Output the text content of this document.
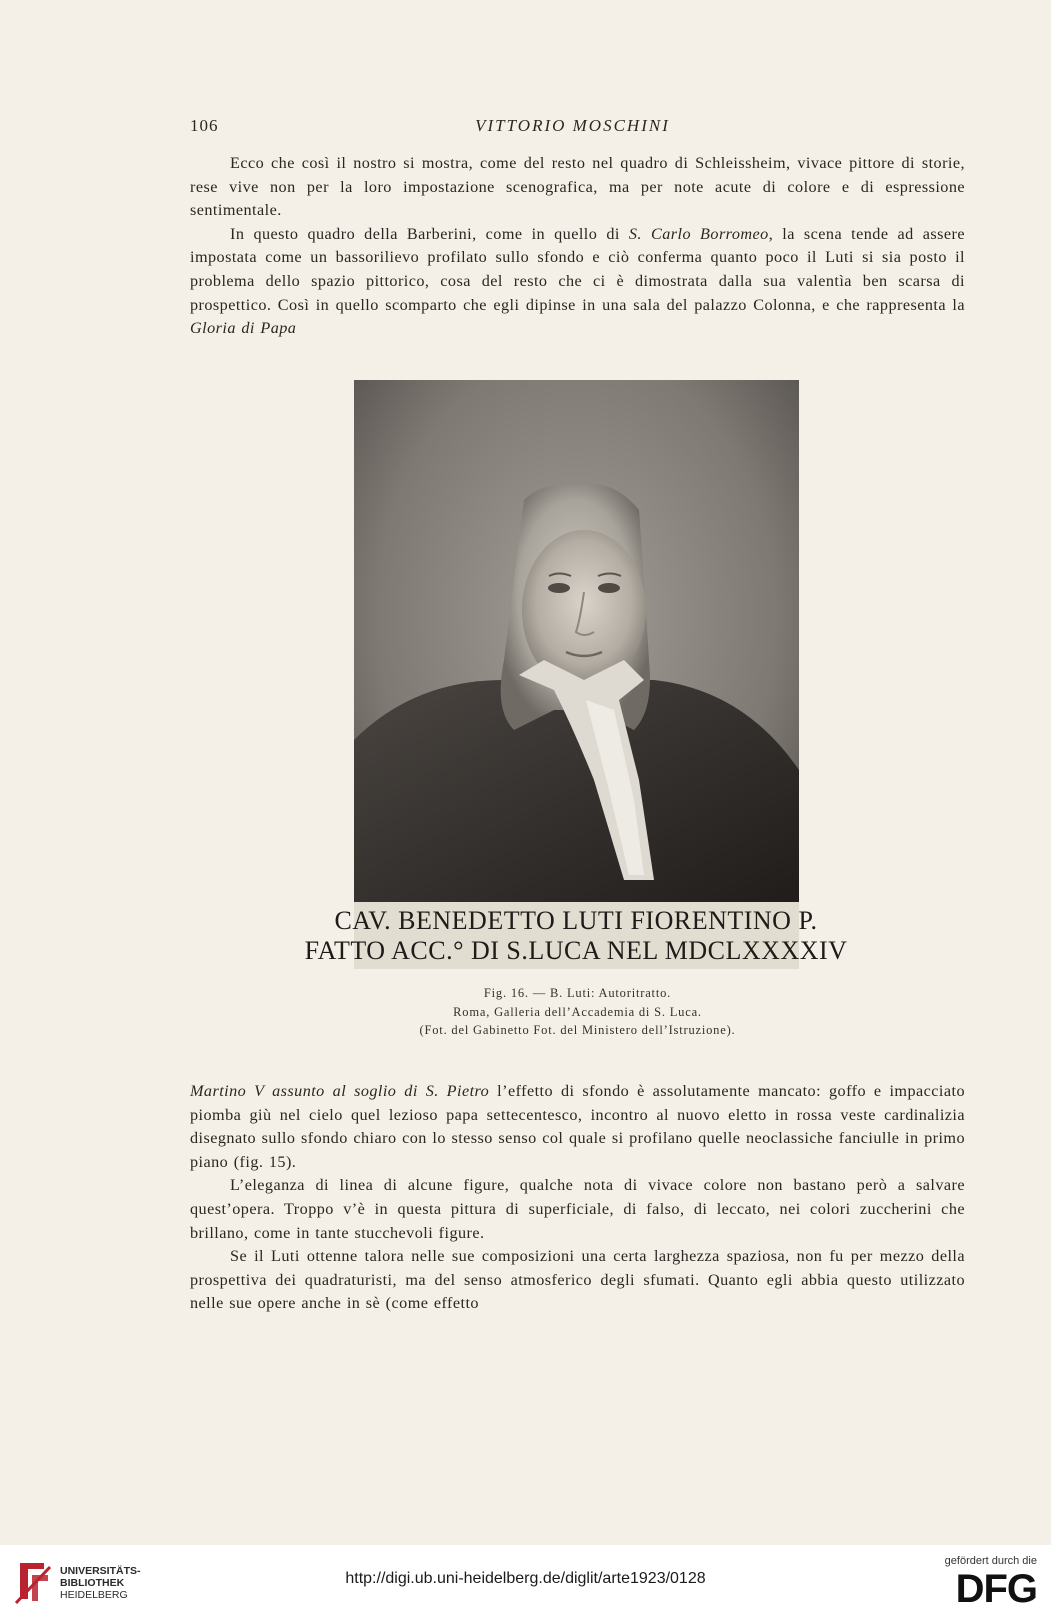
106	VITTORIO MOSCHINI

Ecco che così il nostro si mostra, come del resto nel quadro di Schleissheim, vivace pittore di storie, rese vive non per la loro impostazione scenografica, ma per note acute di colore e di espressione sentimentale.

In questo quadro della Barberini, come in quello di S. Carlo Borromeo, la scena tende ad assere impostata come un bassorilievo profilato sullo sfondo e ciò conferma quanto poco il Luti si sia posto il problema dello spazio pittorico, cosa del resto che ci è dimostrata dalla sua valentìa ben scarsa di prospettico. Così in quello scomparto che egli dipinse in una sala del palazzo Colonna, e che rappresenta la Gloria di Papa

CAV. BENEDETTO LUTI FIORENTINO P.
FATTO ACC.° DI S.LUCA NEL MDCLXXXXIV
Fig. 16. — B. Luti: Autoritratto.
Roma, Galleria dell’Accademia di S. Luca.
(Fot. del Gabinetto Fot. del Ministero dell’Istruzione).

Martino V assunto al soglio di S. Pietro l’effetto di sfondo è assolutamente mancato: goffo e impacciato piomba giù nel cielo quel lezioso papa settecentesco, incontro al nuovo eletto in rossa veste cardinalizia disegnato sullo sfondo chiaro con lo stesso senso col quale si profilano quelle neoclassiche fanciulle in primo piano (fig. 15).

L’eleganza di linea di alcune figure, qualche nota di vivace colore non bastano però a salvare quest’opera. Troppo v’è in questa pittura di superficiale, di falso, di leccato, nei colori zuccherini che brillano, come in tante stucchevoli figure.

Se il Luti ottenne talora nelle sue composizioni una certa larghezza spaziosa, non fu per mezzo della prospettiva dei quadraturisti, ma del senso atmosferico degli sfumati. Quanto egli abbia questo utilizzato nelle sue opere anche in sè (come effetto

UNIVERSITÄTS-
BIBLIOTHEK
HEIDELBERG
http://digi.ub.uni-heidelberg.de/diglit/arte1923/0128
gefördert durch die
DFG
